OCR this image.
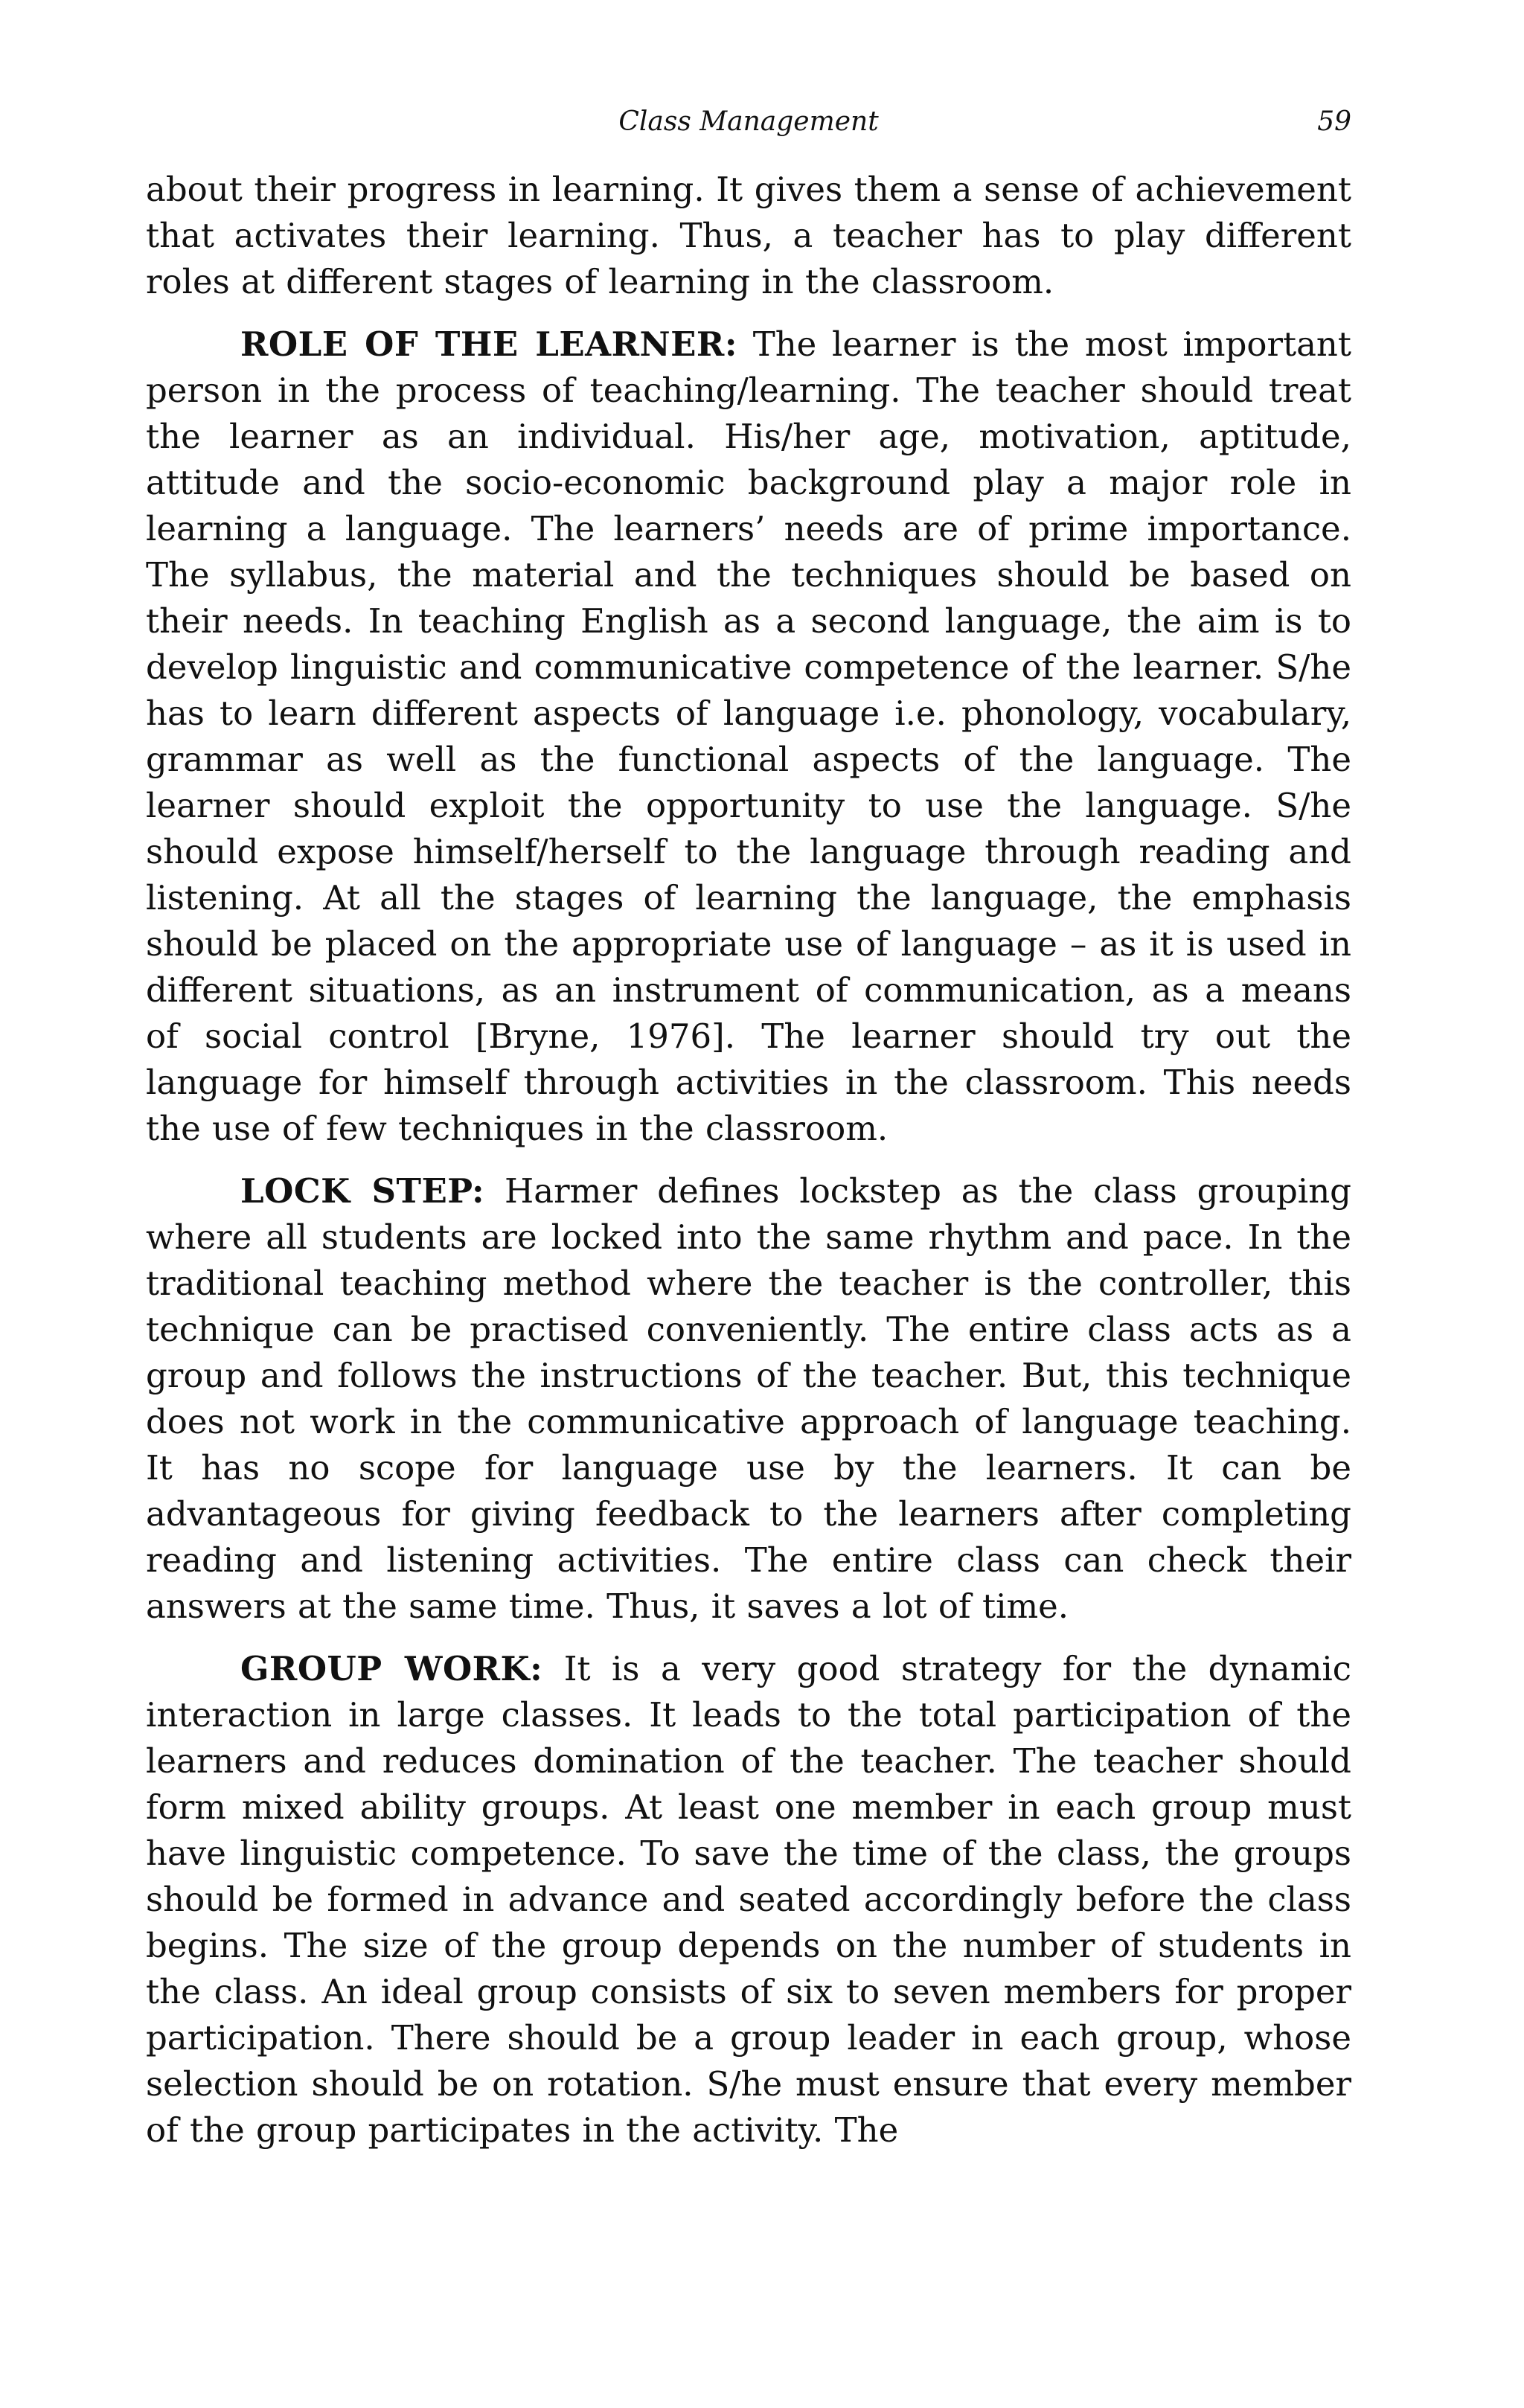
Class Management	59

about their progress in learning. It gives them a sense of achievement that activates their learning. Thus, a teacher has to play different roles at different stages of learning in the classroom.

ROLE OF THE LEARNER: The learner is the most important person in the process of teaching/learning. The teacher should treat the learner as an individual. His/her age, motivation, aptitude, attitude and the socio-economic background play a major role in learning a language. The learners’ needs are of prime importance. The syllabus, the material and the techniques should be based on their needs. In teaching English as a second language, the aim is to develop linguistic and communicative competence of the learner. S/he has to learn different aspects of language i.e. phonology, vocabulary, grammar as well as the functional aspects of the language. The learner should exploit the opportunity to use the language. S/he should expose himself/herself to the language through reading and listening. At all the stages of learning the language, the emphasis should be placed on the appropriate use of language – as it is used in different situations, as an instrument of communication, as a means of social control [Bryne, 1976]. The learner should try out the language for himself through activities in the classroom. This needs the use of few techniques in the classroom.

LOCK STEP: Harmer defines lockstep as the class grouping where all students are locked into the same rhythm and pace. In the traditional teaching method where the teacher is the controller, this technique can be practised conveniently. The entire class acts as a group and follows the instructions of the teacher. But, this technique does not work in the communicative approach of language teaching. It has no scope for language use by the learners. It can be advantageous for giving feedback to the learners after completing reading and listening activities. The entire class can check their answers at the same time. Thus, it saves a lot of time.

GROUP WORK: It is a very good strategy for the dynamic interaction in large classes. It leads to the total participation of the learners and reduces domination of the teacher. The teacher should form mixed ability groups. At least one member in each group must have linguistic competence. To save the time of the class, the groups should be formed in advance and seated accordingly before the class begins. The size of the group depends on the number of students in the class. An ideal group consists of six to seven members for proper participation. There should be a group leader in each group, whose selection should be on rotation. S/he must ensure that every member of the group participates in the activity. The
